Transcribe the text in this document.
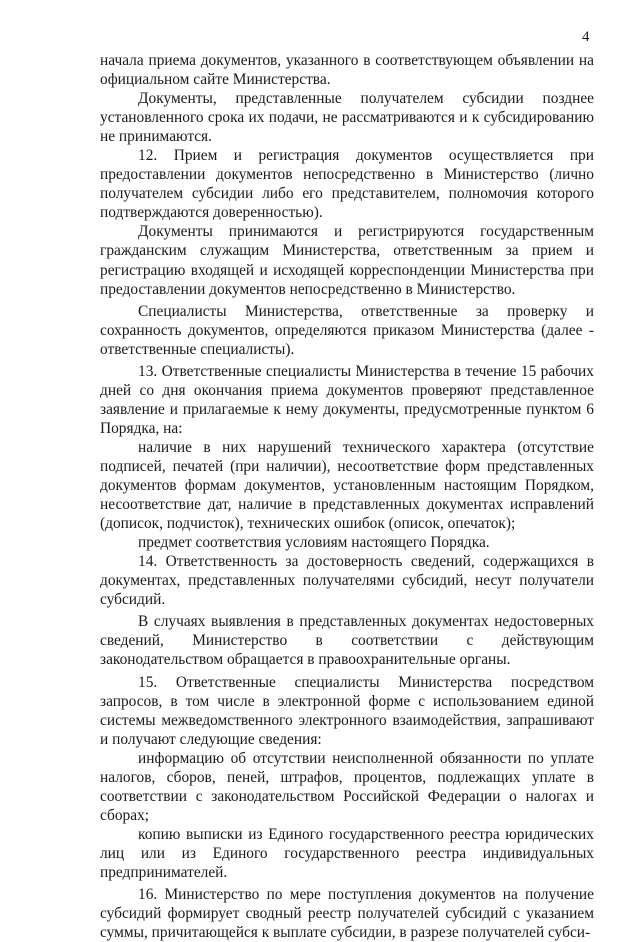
4

начала приема документов, указанного в соответствующем объявлении на официальном сайте Министерства.

Документы, представленные получателем субсидии позднее установленного срока их подачи, не рассматриваются и к субсидированию не принимаются.

12. Прием и регистрация документов осуществляется при предоставлении документов непосредственно в Министерство (лично получателем субсидии либо его представителем, полномочия которого подтверждаются доверенностью).

Документы принимаются и регистрируются государственным гражданским служащим Министерства, ответственным за прием и регистрацию входящей и исходящей корреспонденции Министерства при предоставлении документов непосредственно в Министерство.

Специалисты Министерства, ответственные за проверку и сохранность документов, определяются приказом Министерства (далее - ответственные специалисты).

13. Ответственные специалисты Министерства в течение 15 рабочих дней со дня окончания приема документов проверяют представленное заявление и прилагаемые к нему документы, предусмотренные пунктом 6 Порядка, на:

наличие в них нарушений технического характера (отсутствие подписей, печатей (при наличии), несоответствие форм представленных документов формам документов, установленным настоящим Порядком, несоответствие дат, наличие в представленных документах исправлений (дописок, подчисток), технических ошибок (описок, опечаток);

предмет соответствия условиям настоящего Порядка.

14. Ответственность за достоверность сведений, содержащихся в документах, представленных получателями субсидий, несут получатели субсидий.

В случаях выявления в представленных документах недостоверных сведений, Министерство в соответствии с действующим законодательством обращается в правоохранительные органы.

15. Ответственные специалисты Министерства посредством запросов, в том числе в электронной форме с использованием единой системы межведомственного электронного взаимодействия, запрашивают и получают следующие сведения:

информацию об отсутствии неисполненной обязанности по уплате налогов, сборов, пеней, штрафов, процентов, подлежащих уплате в соответствии с законодательством Российской Федерации о налогах и сборах;

копию выписки из Единого государственного реестра юридических лиц или из Единого государственного реестра индивидуальных предпринимателей.

16. Министерство по мере поступления документов на получение субсидий формирует сводный реестр получателей субсидий с указанием суммы, причитающейся к выплате субсидии, в разрезе получателей субси-
